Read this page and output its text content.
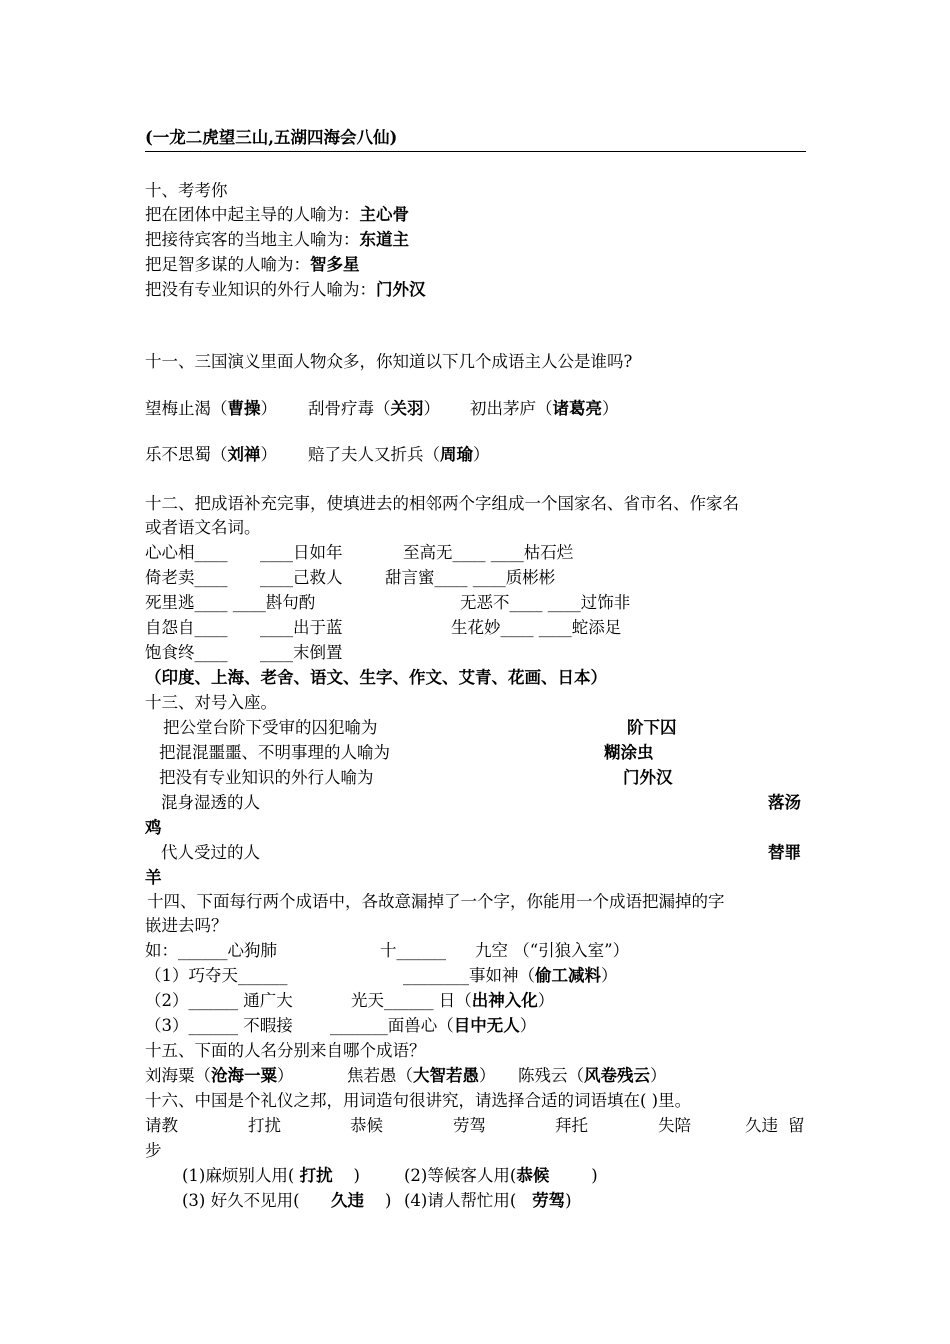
(一龙二虎望三山,五湖四海会八仙)
十、考考你
把在团体中起主导的人喻为：主心骨
把接待宾客的当地主人喻为：东道主
把足智多谋的人喻为：智多星
把没有专业知识的外行人喻为：门外汉
十一、三国演义里面人物众多，你知道以下几个成语主人公是谁吗?
望梅止渴（曹操） 刮骨疗毒（关羽） 初出茅庐（诸葛亮）
乐不思蜀（刘禅） 赔了夫人又折兵（周瑜）
十二、把成语补充完事，使填进去的相邻两个字组成一个国家名、省市名、作家名
或者语文名词。
心心相____ ____日如年	至高无____ ____枯石烂
倚老卖____ ____己救人	甜言蜜____ ____质彬彬
死里逃____ ____斟句酌	无恶不____ ____过饰非
自怨自____ ____出于蓝	生花妙____ ____蛇添足
饱食终____ ____末倒置
（印度、上海、老舍、语文、生字、作文、艾青、花画、日本）
十三、对号入座。
把公堂台阶下受审的囚犯喻为	阶下囚
把混混噩噩、不明事理的人喻为	糊涂虫
把没有专业知识的外行人喻为	门外汉
混身湿透的人	落汤
鸡
代人受过的人	替罪
羊
十四、下面每行两个成语中，各故意漏掉了一个字，你能用一个成语把漏掉的字
嵌进去吗？
如：______心狗肺	十______ 九空 （“引狼入室”）
（1）巧夺天______	________事如神（偷工减料）
（2）______ 通广大	光天______ 日（出神入化）
（3）______ 不暇接 _______面兽心（目中无人）
十五、下面的人名分别来自哪个成语？
刘海粟（沧海一粟）	焦若愚（大智若愚） 陈残云（风卷残云）
十六、中国是个礼仪之邦，用词造句很讲究，请选择合适的词语填在( )里。
请教	打扰	恭候	劳驾	拜托	失陪	久违 留
步
(1)麻烦别人用( 打扰 )	(2)等候客人用(恭候	)
(3) 好久不见用( 久违 ) (4)请人帮忙用( 劳驾)
